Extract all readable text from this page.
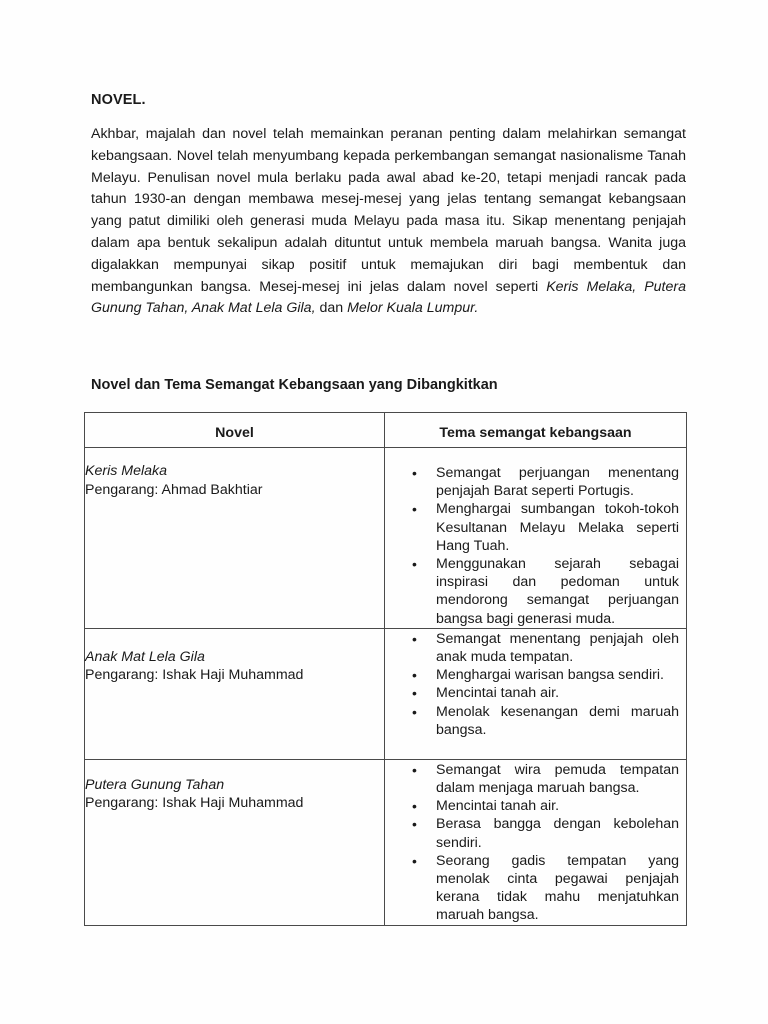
NOVEL.

Akhbar, majalah dan novel telah memainkan peranan penting dalam melahirkan semangat kebangsaan. Novel telah menyumbang kepada perkembangan semangat nasionalisme Tanah Melayu. Penulisan novel mula berlaku pada awal abad ke-20, tetapi menjadi rancak pada tahun 1930-an dengan membawa mesej-mesej yang jelas tentang semangat kebangsaan yang patut dimiliki oleh generasi muda Melayu pada masa itu. Sikap menentang penjajah dalam apa bentuk sekalipun adalah dituntut untuk membela maruah bangsa. Wanita juga digalakkan mempunyai sikap positif untuk memajukan diri bagi membentuk dan membangunkan bangsa. Mesej-mesej ini jelas dalam novel seperti Keris Melaka, Putera Gunung Tahan, Anak Mat Lela Gila, dan Melor Kuala Lumpur.

Novel dan Tema Semangat Kebangsaan yang Dibangkitkan
Novel	Tema semangat kebangsaan

Keris Melaka
Pengarang: Ahmad Bakhtiar

• Semangat perjuangan menentang penjajah Barat seperti Portugis.
• Menghargai sumbangan tokoh-tokoh Kesultanan Melayu Melaka seperti Hang Tuah.
• Menggunakan sejarah sebagai inspirasi dan pedoman untuk mendorong semangat perjuangan bangsa bagi generasi muda.

Anak Mat Lela Gila
Pengarang: Ishak Haji Muhammad

• Semangat menentang penjajah oleh anak muda tempatan.
• Menghargai warisan bangsa sendiri.
• Mencintai tanah air.
• Menolak kesenangan demi maruah bangsa.

Putera Gunung Tahan
Pengarang: Ishak Haji Muhammad

• Semangat wira pemuda tempatan dalam menjaga maruah bangsa.
• Mencintai tanah air.
• Berasa bangga dengan kebolehan sendiri.
• Seorang gadis tempatan yang menolak cinta pegawai penjajah kerana tidak mahu menjatuhkan maruah bangsa.
